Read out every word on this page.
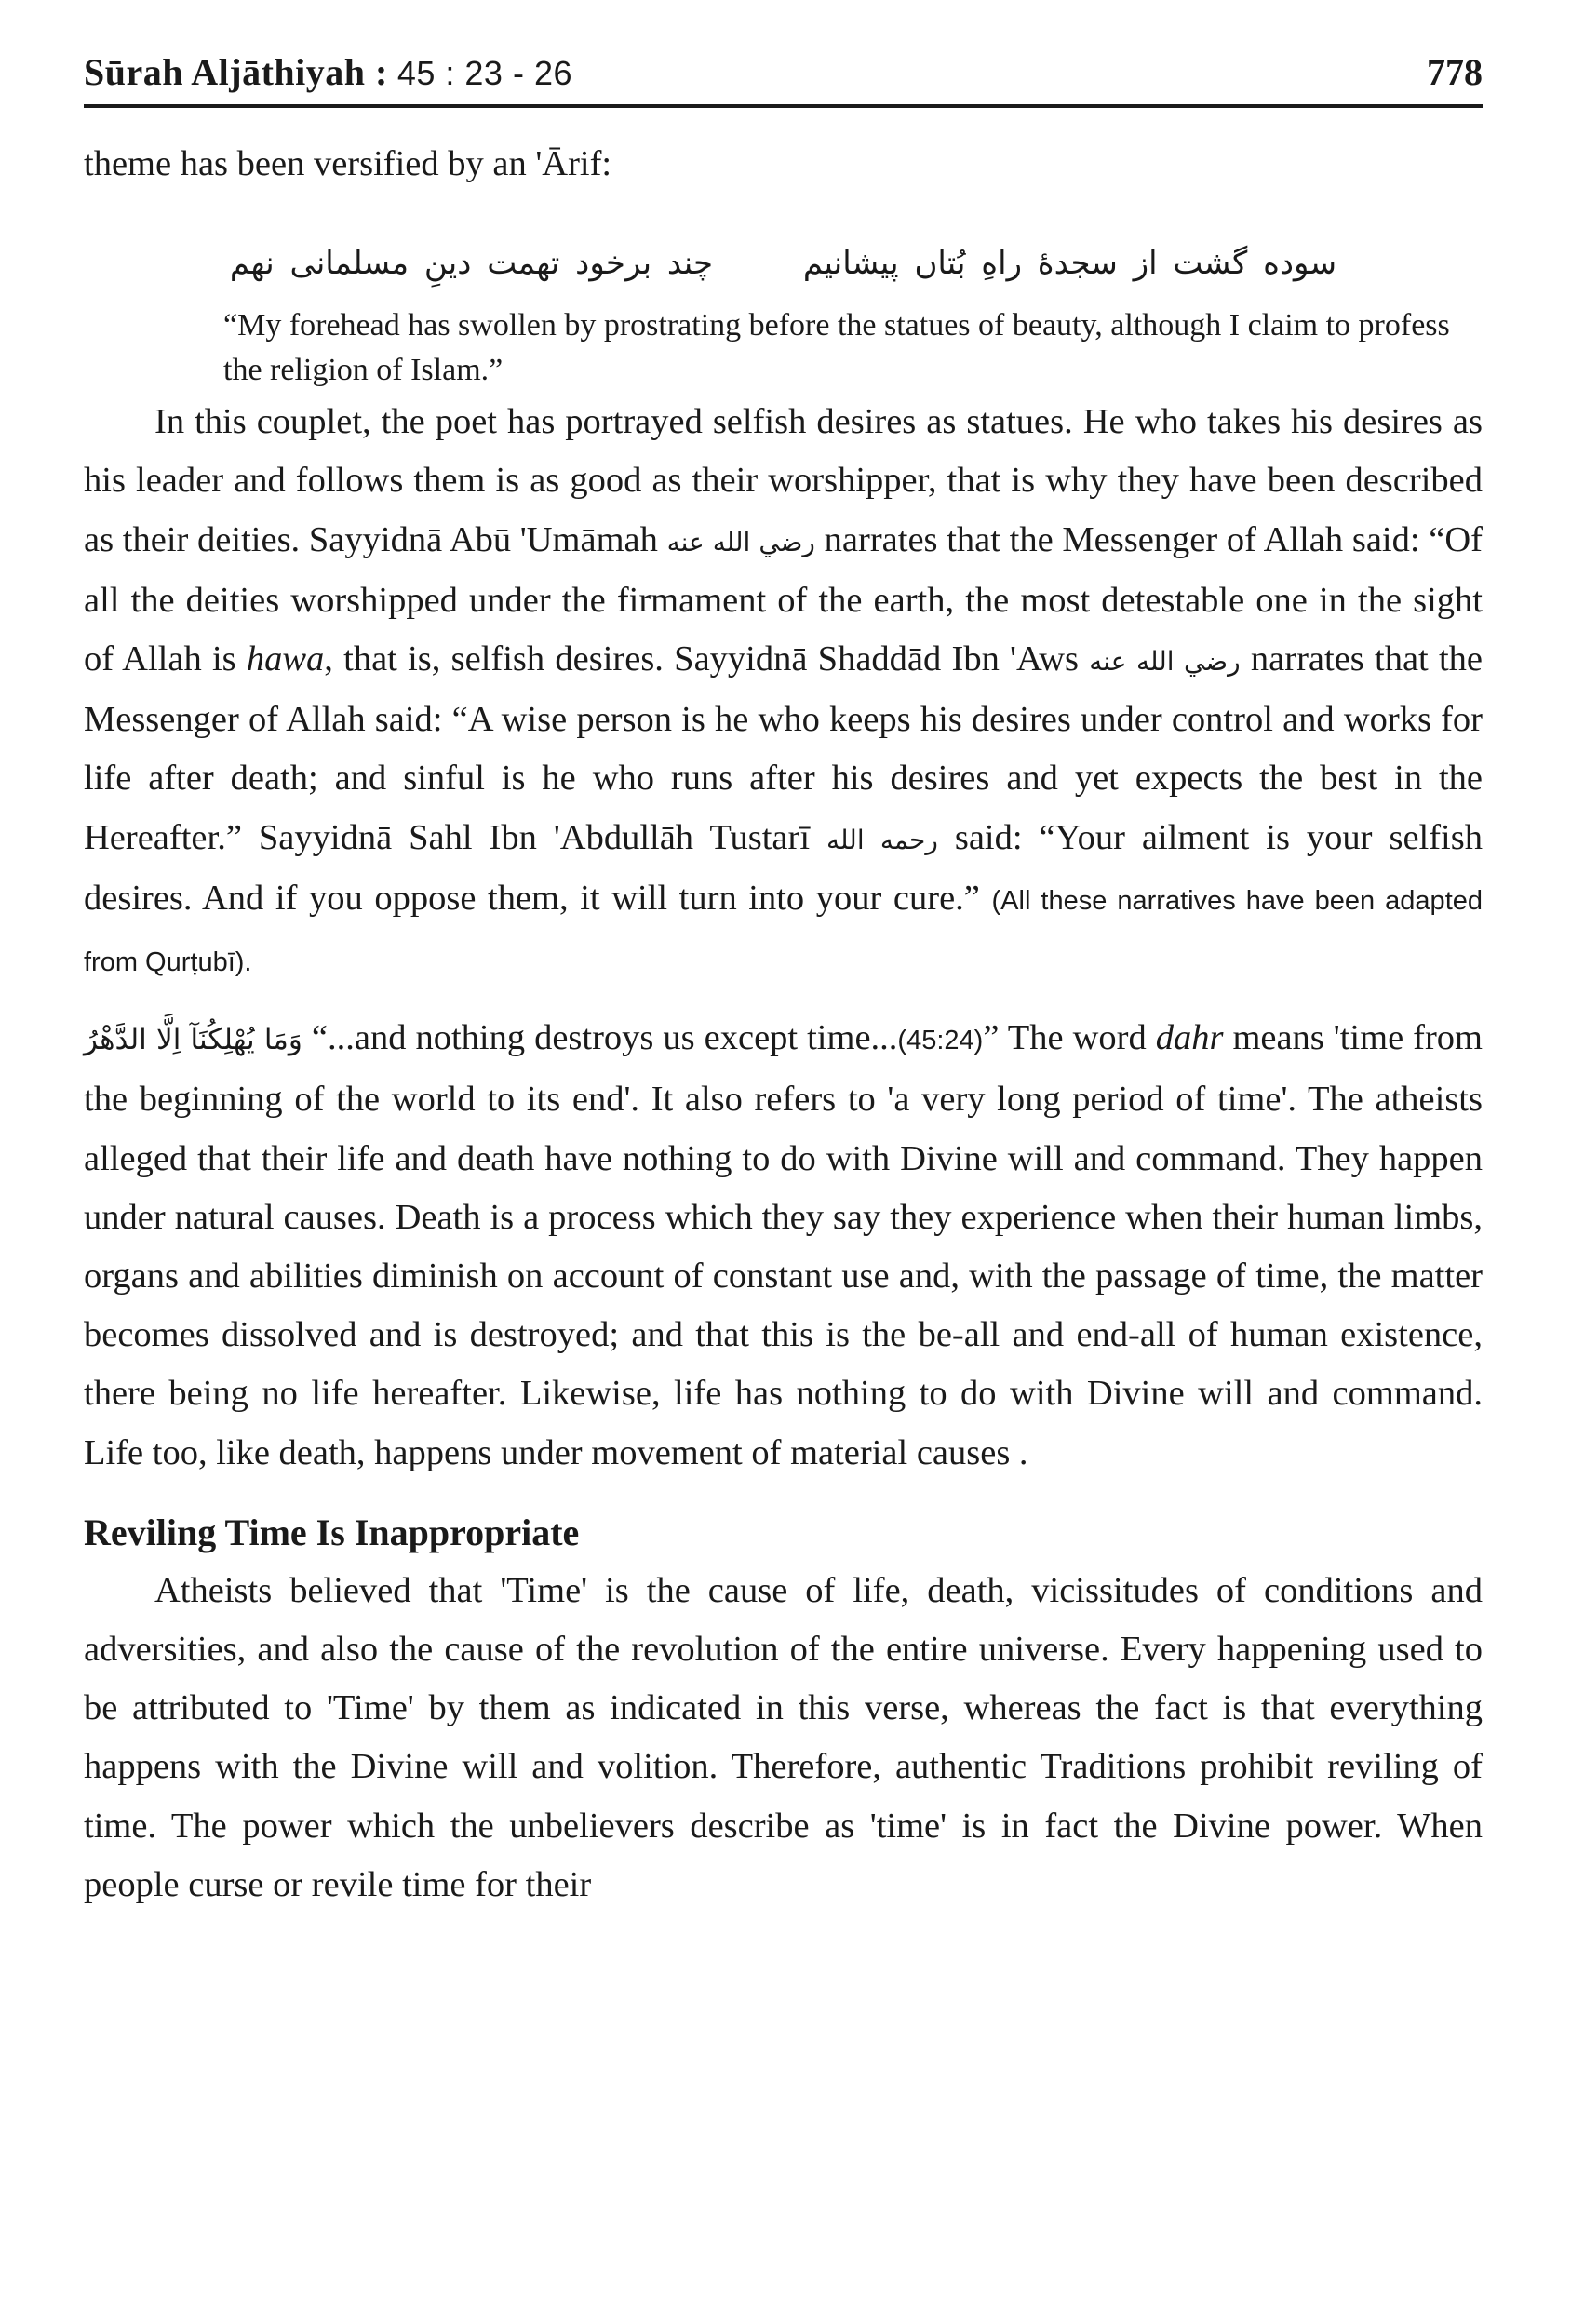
Sūrah Aljāthiyah : 45 : 23 - 26	778

theme has been versified by an 'Ārif:

سوده گشت از سجدهٔ راهِ بُتاں پیشانیم چند برخود تهمت دینِ مسلمانی نهم

“My forehead has swollen by prostrating before the statues of beauty, although I claim to profess the religion of Islam.”

In this couplet, the poet has portrayed selfish desires as statues. He who takes his desires as his leader and follows them is as good as their worshipper, that is why they have been described as their deities. Sayyidnā Abū 'Umāmah رضي الله عنه narrates that the Messenger of Allah said: “Of all the deities worshipped under the firmament of the earth, the most detestable one in the sight of Allah is hawa, that is, selfish desires. Sayyidnā Shaddād Ibn 'Aws رضي الله عنه narrates that the Messenger of Allah said: “A wise person is he who keeps his desires under control and works for life after death; and sinful is he who runs after his desires and yet expects the best in the Hereafter.” Sayyidnā Sahl Ibn 'Abdullāh Tustarī رحمه الله said: “Your ailment is your selfish desires. And if you oppose them, it will turn into your cure.” (All these narratives have been adapted from Qurṭubī).

وَمَا يُهْلِكُنَآ اِلَّا الدَّهْرُ “...and nothing destroys us except time...(45:24)” The word dahr means 'time from the beginning of the world to its end'. It also refers to 'a very long period of time'. The atheists alleged that their life and death have nothing to do with Divine will and command. They happen under natural causes. Death is a process which they say they experience when their human limbs, organs and abilities diminish on account of constant use and, with the passage of time, the matter becomes dissolved and is destroyed; and that this is the be-all and end-all of human existence, there being no life hereafter. Likewise, life has nothing to do with Divine will and command. Life too, like death, happens under movement of material causes .

Reviling Time Is Inappropriate

Atheists believed that 'Time' is the cause of life, death, vicissitudes of conditions and adversities, and also the cause of the revolution of the entire universe. Every happening used to be attributed to 'Time' by them as indicated in this verse, whereas the fact is that everything happens with the Divine will and volition. Therefore, authentic Traditions prohibit reviling of time. The power which the unbelievers describe as 'time' is in fact the Divine power. When people curse or revile time for their
